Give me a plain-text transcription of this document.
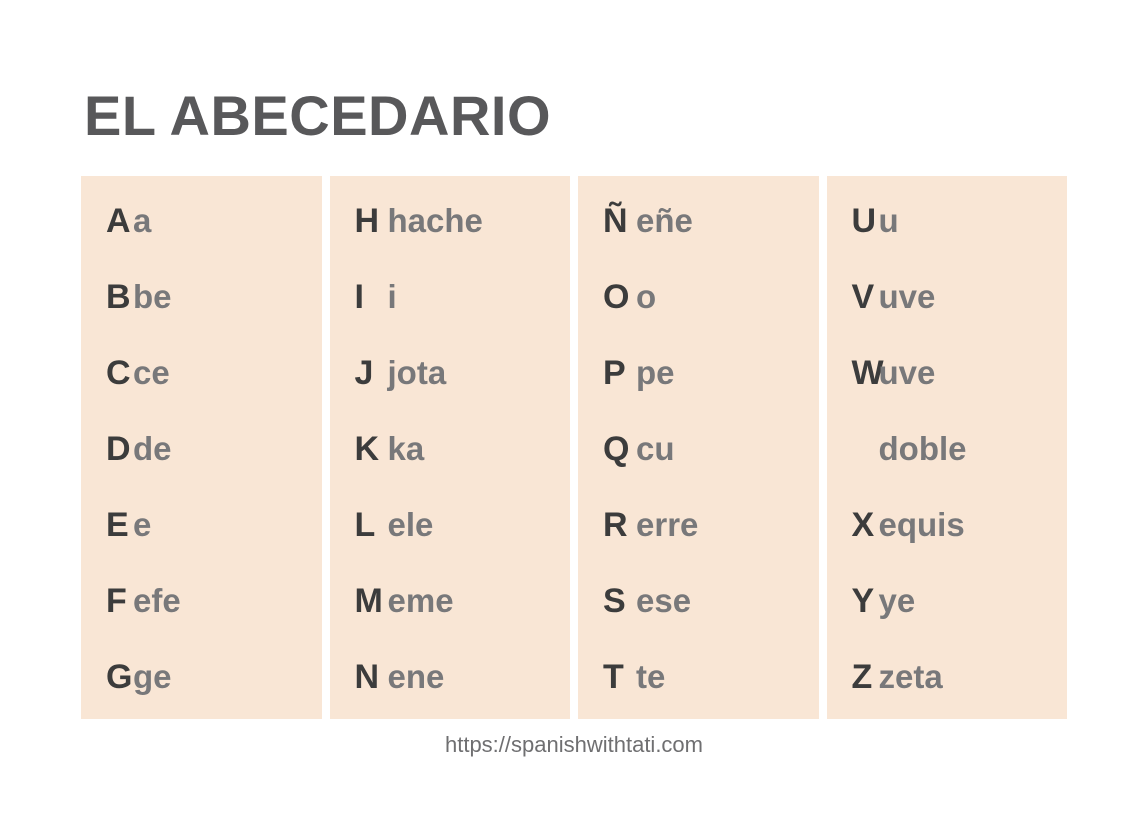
EL ABECEDARIO
A a
B be
C ce
D de
E e
F efe
G ge
H hache
I i
J jota
K ka
L ele
M eme
N ene
Ñ eñe
O o
P pe
Q cu
R erre
S ese
T te
U u
V uve
W
uve
doble
X equis
Y ye
Z zeta
https://spanishwithtati.com
